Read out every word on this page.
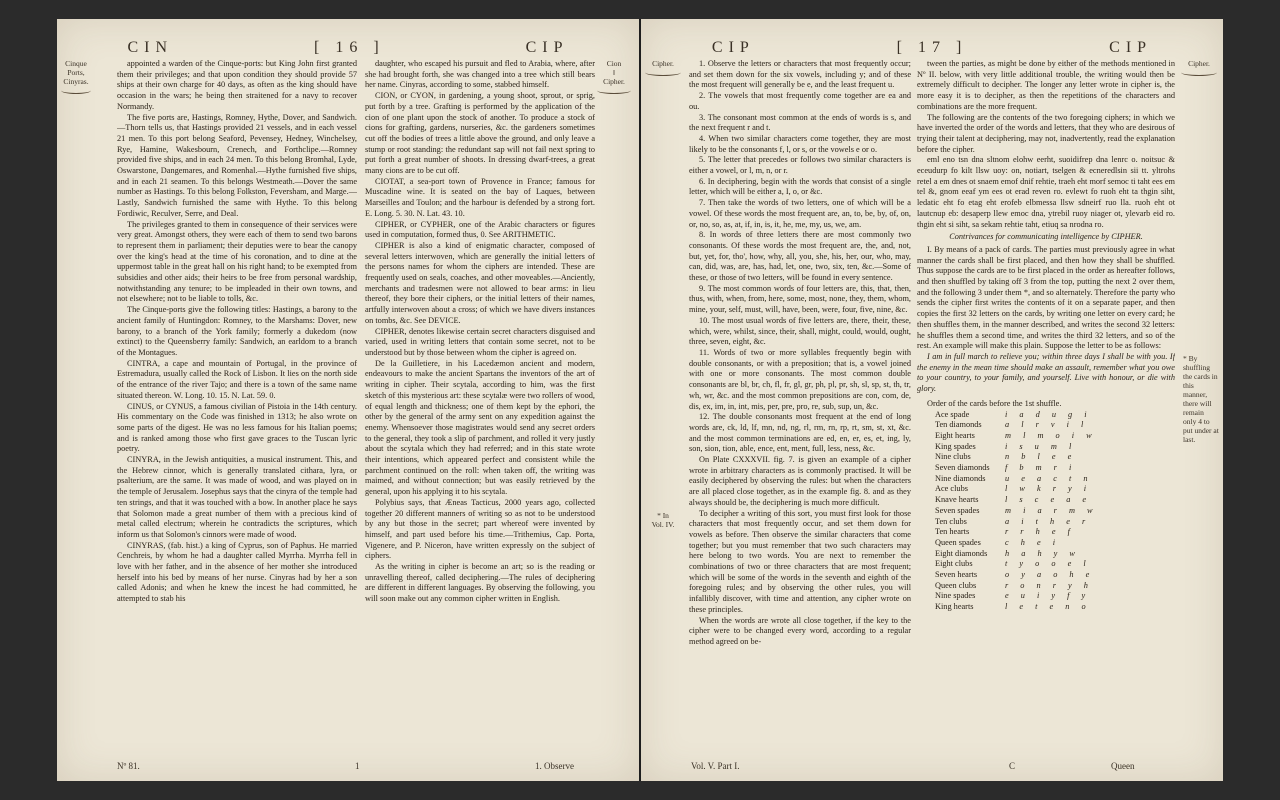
CIN	[ 16 ]	CIP
Cinque
Ports,
Cinyras.
Cion
‖
Cipher.

appointed a warden of the Cinque-ports: but King John first granted them their privileges; and that upon condition they should provide 57 ships at their own charge for 40 days, as often as the king should have occasion in the wars; he being then straitened for a navy to recover Normandy.

The five ports are, Hastings, Romney, Hythe, Dover, and Sandwich.—Thorn tells us, that Hastings provided 21 vessels, and in each vessel 21 men. To this port belong Seaford, Pevensey, Hedney, Winchelsey, Rye, Hamine, Wakesbourn, Crenech, and Forthclipe.—Romney provided five ships, and in each 24 men. To this belong Bromhal, Lyde, Oswarstone, Dangemares, and Romenhal.—Hythe furnished five ships, and in each 21 seamen. To this belongs Westmeath.—Dover the same number as Hastings. To this belong Folkston, Feversham, and Marge.—Lastly, Sandwich furnished the same with Hythe. To this belong Fordiwic, Reculver, Serre, and Deal.

The privileges granted to them in consequence of their services were very great. Amongst others, they were each of them to send two barons to represent them in parliament; their deputies were to bear the canopy over the king's head at the time of his coronation, and to dine at the uppermost table in the great hall on his right hand; to be exempted from subsidies and other aids; their heirs to be free from personal wardship, notwithstanding any tenure; to be impleaded in their own towns, and not elsewhere; not to be liable to tolls, &c.

The Cinque-ports give the following titles: Hastings, a barony to the ancient family of Huntingdon: Romney, to the Marshams: Dover, new barony, to a branch of the York family; formerly a dukedom (now extinct) to the Queensberry family: Sandwich, an earldom to a branch of the Montagues.

CINTRA, a cape and mountain of Portugal, in the province of Estremadura, usually called the Rock of Lisbon. It lies on the north side of the entrance of the river Tajo; and there is a town of the same name situated thereon. W. Long. 10. 15. N. Lat. 59. 0.

CINUS, or CYNUS, a famous civilian of Pistoia in the 14th century. His commentary on the Code was finished in 1313; he also wrote on some parts of the digest. He was no less famous for his Italian poems; and is ranked among those who first gave graces to the Tuscan lyric poetry.

CINYRA, in the Jewish antiquities, a musical instrument. This, and the Hebrew cinnor, which is generally translated cithara, lyra, or psalterium, are the same. It was made of wood, and was played on in the temple of Jerusalem. Josephus says that the cinyra of the temple had ten strings, and that it was touched with a bow. In another place he says that Solomon made a great number of them with a precious kind of metal called electrum; wherein he contradicts the scriptures, which inform us that Solomon's cinnors were made of wood.

CINYRAS, (fab. hist.) a king of Cyprus, son of Paphus. He married Cenchreis, by whom he had a daughter called Myrrha. Myrrha fell in love with her father, and in the absence of her mother she introduced herself into his bed by means of her nurse. Cinyras had by her a son called Adonis; and when he knew the incest he had committed, he attempted to stab his

daughter, who escaped his pursuit and fled to Arabia, where, after she had brought forth, she was changed into a tree which still bears her name. Cinyras, according to some, stabbed himself.

CION, or CYON, in gardening, a young shoot, sprout, or sprig, put forth by a tree. Grafting is performed by the application of the cion of one plant upon the stock of another. To produce a stock of cions for grafting, gardens, nurseries, &c. the gardeners sometimes cut off the bodies of trees a little above the ground, and only leave a stump or root standing: the redundant sap will not fail next spring to put forth a great number of shoots. In dressing dwarf-trees, a great many cions are to be cut off.

CIOTAT, a sea-port town of Provence in France; famous for Muscadine wine. It is seated on the bay of Laques, between Marseilles and Toulon; and the harbour is defended by a strong fort. E. Long. 5. 30. N. Lat. 43. 10.

CIPHER, or CYPHER, one of the Arabic characters or figures used in computation, formed thus, 0. See ARITHMETIC.

CIPHER is also a kind of enigmatic character, composed of several letters interwoven, which are generally the initial letters of the persons names for whom the ciphers are intended. These are frequently used on seals, coaches, and other moveables.—Anciently, merchants and tradesmen were not allowed to bear arms: in lieu thereof, they bore their ciphers, or the initial letters of their names, artfully interwoven about a cross; of which we have divers instances on tombs, &c. See DEVICE.

CIPHER, denotes likewise certain secret characters disguised and varied, used in writing letters that contain some secret, not to be understood but by those between whom the cipher is agreed on.

De la Guilletiere, in his Lacedæmon ancient and modern, endeavours to make the ancient Spartans the inventors of the art of writing in cipher. Their scytala, according to him, was the first sketch of this mysterious art: these scytalæ were two rollers of wood, of equal length and thickness; one of them kept by the ephori, the other by the general of the army sent on any expedition against the enemy. Whensoever those magistrates would send any secret orders to the general, they took a slip of parchment, and rolled it very justly about the scytala which they had referred; and in this state wrote their intentions, which appeared perfect and consistent while the parchment continued on the roll: when taken off, the writing was maimed, and without connection; but was easily retrieved by the general, upon his applying it to his scytala.

Polybius says, that Æneas Tacticus, 2000 years ago, collected together 20 different manners of writing so as not to be understood by any but those in the secret; part whereof were invented by himself, and part used before his time.—Trithemius, Cap. Porta, Vigenere, and P. Niceron, have written expressly on the subject of ciphers.

As the writing in cipher is become an art; so is the reading or unravelling thereof, called deciphering.—The rules of deciphering are different in different languages. By observing the following, you will soon make out any common cipher written in English.

Nº 81.	1	1. Observe
CIP	[ 17 ]	CIP
Cipher.	Cipher.
* In
Vol. IV.
* By shuffling the cards in this manner, there will remain only 4 to put under at last.

1. Observe the letters or characters that most frequently occur; and set them down for the six vowels, including y; and of these the most frequent will generally be e, and the least frequent u.

2. The vowels that most frequently come together are ea and ou.

3. The consonant most common at the ends of words is s, and the next frequent r and t.

4. When two similar characters come together, they are most likely to be the consonants f, l, or s, or the vowels e or o.

5. The letter that precedes or follows two similar characters is either a vowel, or l, m, n, or r.

6. In deciphering, begin with the words that consist of a single letter, which will be either a, I, o, or &c.

7. Then take the words of two letters, one of which will be a vowel. Of these words the most frequent are, an, to, be, by, of, on, or, no, so, as, at, if, in, is, it, he, me, my, us, we, am.

8. In words of three letters there are most commonly two consonants. Of these words the most frequent are, the, and, not, but, yet, for, tho', how, why, all, you, she, his, her, our, who, may, can, did, was, are, has, had, let, one, two, six, ten, &c.—Some of these, or those of two letters, will be found in every sentence.

9. The most common words of four letters are, this, that, then, thus, with, when, from, here, some, most, none, they, them, whom, mine, your, self, must, will, have, been, were, four, five, nine, &c.

10. The most usual words of five letters are, there, their, these, which, were, whilst, since, their, shall, might, could, would, ought, three, seven, eight, &c.

11. Words of two or more syllables frequently begin with double consonants, or with a preposition; that is, a vowel joined with one or more consonants. The most common double consonants are bl, br, ch, fl, fr, gl, gr, ph, pl, pr, sh, sl, sp, st, th, tr, wh, wr, &c. and the most common prepositions are con, com, de, dis, ex, im, in, int, mis, per, pre, pro, re, sub, sup, un, &c.

12. The double consonants most frequent at the end of long words are, ck, ld, lf, mn, nd, ng, rl, rm, rn, rp, rt, sm, st, xt, &c. and the most common terminations are ed, en, er, es, et, ing, ly, son, sion, tion, able, ence, ent, ment, full, less, ness, &c.

On Plate CXXXVII. fig. 7. is given an example of a cipher wrote in arbitrary characters as is commonly practised. It will be easily deciphered by observing the rules: but when the characters are all placed close together, as in the example fig. 8. and as they always should be, the deciphering is much more difficult.

To decipher a writing of this sort, you must first look for those characters that most frequently occur, and set them down for vowels as before. Then observe the similar characters that come together; but you must remember that two such characters may here belong to two words. You are next to remember the combinations of two or three characters that are most frequent; which will be some of the words in the seventh and eighth of the foregoing rules; and by observing the other rules, you will infallibly discover, with time and attention, any cipher wrote on these principles.

When the words are wrote all close together, if the key to the cipher were to be changed every word, according to a regular method agreed on be-

tween the parties, as might be done by either of the methods mentioned in Nº II. below, with very little additional trouble, the writing would then be extremely difficult to decipher. The longer any letter wrote in cipher is, the more easy it is to decipher, as then the repetitions of the characters and combinations are the more frequent.

The following are the contents of the two foregoing ciphers; in which we have inverted the order of the words and letters, that they who are desirous of trying their talent at deciphering, may not, inadvertently, read the explanation before the cipher.

eml eno tsn dna sltnom elohw eerht, suoidifrep dna lenrc o. noitsuc & eceudurp fo kilt llsw uoy: on, notiart, tselgen & ecneredlsin sii tt. yltrohs retel a em dnes ot snaem emof dnif rehtie, traeh eht morf semoc ti taht ees em tel &, gnom eeaf ym ees ot erad reven ro. evlewt fo ruoh eht ta thgin siht, ledatic eht fo etag eht erofeb elbmessa llsw sdneirf ruo lla. ruoh eht ot lautcnup eb: desaperp llew emoc dna, ytrebil ruoy niager ot, ylevarb eid ro. thgin eht si siht, sa sekam rehtie taht, etiuq sa nrodna ro.

Contrivances for communicating intelligence by CIPHER.

I. By means of a pack of cards. The parties must previously agree in what manner the cards shall be first placed, and then how they shall be shuffled. Thus suppose the cards are to be first placed in the order as hereafter follows, and then shuffled by taking off 3 from the top, putting the next 2 over them, and the following 3 under them *, and so alternately. Therefore the party who sends the cipher first writes the contents of it on a separate paper, and then copies the first 32 letters on the cards, by writing one letter on every card; he then shuffles them, in the manner described, and writes the second 32 letters: he shuffles them a second time, and writes the third 32 letters, and so of the rest. An example will make this plain. Suppose the letter to be as follows:

I am in full march to relieve you; within three days I shall be with you. If the enemy in the mean time should make an assault, remember what you owe to your country, to your family, and yourself. Live with honour, or die with glory.

Order of the cards before the 1st shuffle.

Ace spade	i a d u g i
Ten diamonds	a l r v i l
Eight hearts	m l m o i w
King spades	i s u m l
Nine clubs	n b l e e
Seven diamonds	f b m r i
Nine diamonds	u e a c t n
Ace clubs	l w k r y i
Knave hearts	l s c e a e
Seven spades	m i a r m w
Ten clubs	a i t h e r
Ten hearts	r r h e f
Queen spades	c h e i
Eight diamonds	h a h y w
Eight clubs	t y o o e l
Seven hearts	o y a o h e
Queen clubs	r o n r y h
Nine spades	e u i y f y
King hearts	l e t e n o
Vol. V. Part I.	C	Queen
